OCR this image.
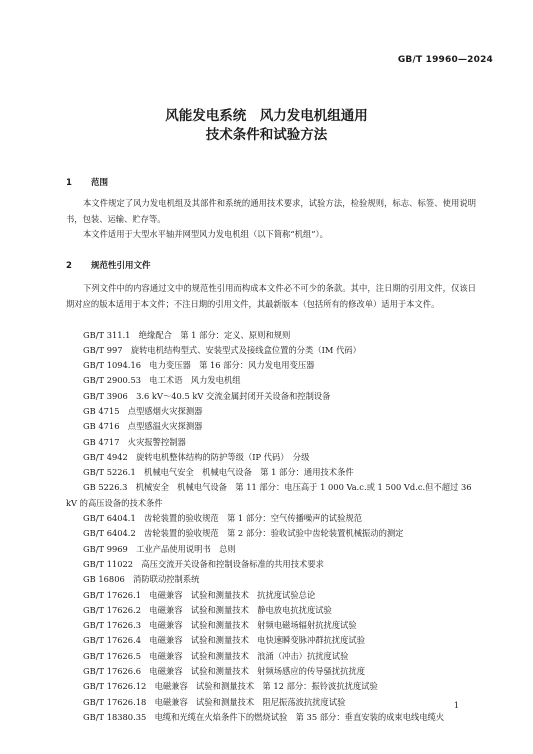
GB/T 19960—2024
风能发电系统　风力发电机组通用
技术条件和试验方法
1 范围

本文件规定了风力发电机组及其部件和系统的通用技术要求，试验方法，检验规则，标志、标签、使用说明书，包装、运输、贮存等。

本文件适用于大型水平轴并网型风力发电机组（以下简称“机组”）。

2 规范性引用文件

下列文件中的内容通过文中的规范性引用而构成本文件必不可少的条款。其中，注日期的引用文件，仅该日期对应的版本适用于本文件；不注日期的引用文件，其最新版本（包括所有的修改单）适用于本文件。

GB/T 311.1　绝缘配合　第 1 部分：定义、原则和规则
GB/T 997　旋转电机结构型式、安装型式及接线盒位置的分类（IM 代码）
GB/T 1094.16　电力变压器　第 16 部分：风力发电用变压器
GB/T 2900.53　电工术语　风力发电机组
GB/T 3906　3.6 kV～40.5 kV 交流金属封闭开关设备和控制设备
GB 4715　点型感烟火灾探测器
GB 4716　点型感温火灾探测器
GB 4717　火灾报警控制器
GB/T 4942　旋转电机整体结构的防护等级（IP 代码）　分级
GB/T 5226.1　机械电气安全　机械电气设备　第 1 部分：通用技术条件
GB 5226.3　机械安全　机械电气设备　第 11 部分：电压高于 1 000 Va.c.或 1 500 Vd.c.但不超过 36 kV 的高压设备的技术条件
GB/T 6404.1　齿轮装置的验收规范　第 1 部分：空气传播噪声的试验规范
GB/T 6404.2　齿轮装置的验收规范　第 2 部分：验收试验中齿轮装置机械振动的测定
GB/T 9969　工业产品使用说明书　总则
GB/T 11022　高压交流开关设备和控制设备标准的共用技术要求
GB 16806　消防联动控制系统
GB/T 17626.1　电磁兼容　试验和测量技术　抗扰度试验总论
GB/T 17626.2　电磁兼容　试验和测量技术　静电放电抗扰度试验
GB/T 17626.3　电磁兼容　试验和测量技术　射频电磁场辐射抗扰度试验
GB/T 17626.4　电磁兼容　试验和测量技术　电快速瞬变脉冲群抗扰度试验
GB/T 17626.5　电磁兼容　试验和测量技术　浪涌（冲击）抗扰度试验
GB/T 17626.6　电磁兼容　试验和测量技术　射频场感应的传导骚扰抗扰度
GB/T 17626.12　电磁兼容　试验和测量技术　第 12 部分：振铃波抗扰度试验
GB/T 17626.18　电磁兼容　试验和测量技术　阻尼振荡波抗扰度试验
GB/T 18380.35　电缆和光缆在火焰条件下的燃烧试验　第 35 部分：垂直安装的成束电线电缆火
1
